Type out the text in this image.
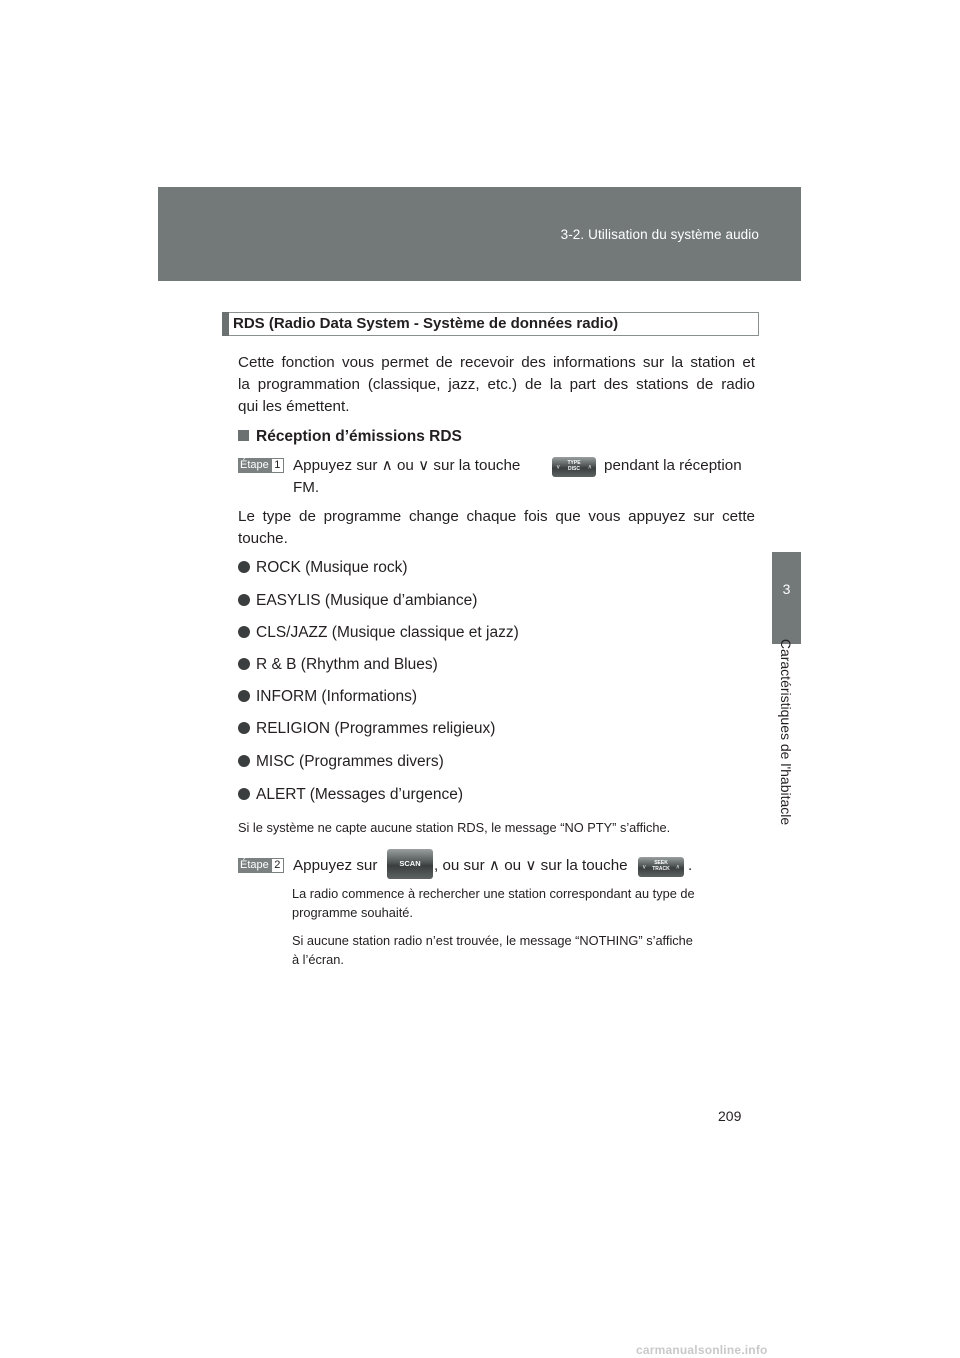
3-2. Utilisation du système audio
3
Caractéristiques de l'habitacle
RDS (Radio Data System - Système de données radio)
Cette fonction vous permet de recevoir des informations sur la station et
la programmation (classique, jazz, etc.) de la part des stations de radio
qui les émettent.
Réception d’émissions RDS
Étape 1 Appuyez sur ∧ ou ∨ sur la touche	∨
TYPE
DISC	∧ pendant la réception
FM.
Le type de programme change chaque fois que vous appuyez sur cette
touche.
ROCK (Musique rock)
EASYLIS (Musique d’ambiance)
CLS/JAZZ (Musique classique et jazz)
R & B (Rhythm and Blues)
INFORM (Informations)
RELIGION (Programmes religieux)
MISC (Programmes divers)
ALERT (Messages d’urgence)
Si le système ne capte aucune station RDS, le message “NO PTY” s’affiche.
Étape 2 Appuyez sur	SCAN , ou sur ∧ ou ∨ sur la touche ∨
SEEK
TRACK ∧ .
La radio commence à rechercher une station correspondant au type de
programme souhaité.
Si aucune station radio n’est trouvée, le message “NOTHING” s’affiche
à l’écran.
209
carmanualsonline.info
